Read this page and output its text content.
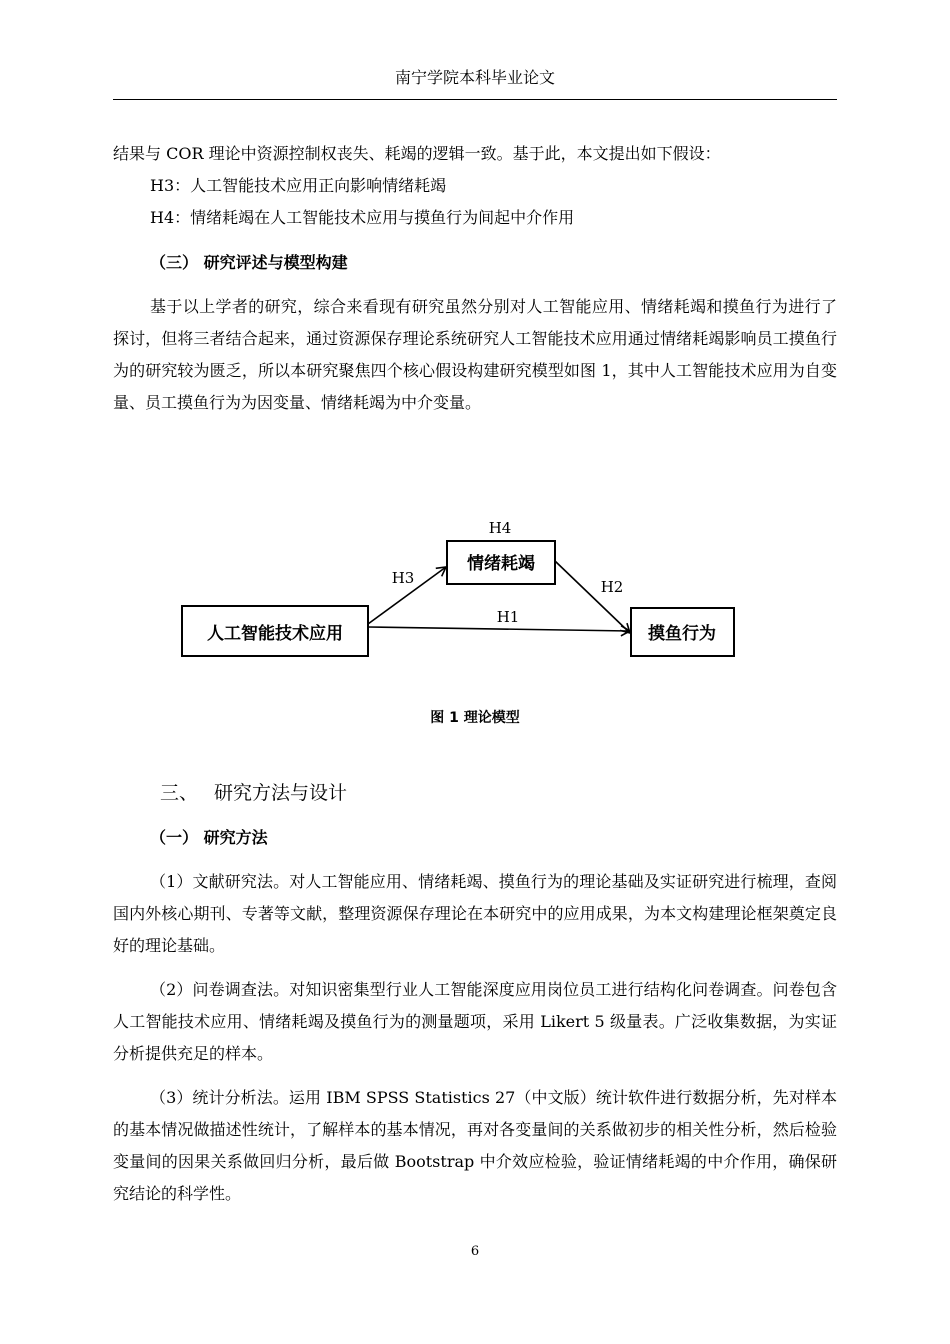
南宁学院本科毕业论文

结果与 COR 理论中资源控制权丧失、耗竭的逻辑一致。基于此，本文提出如下假设：

H3：人工智能技术应用正向影响情绪耗竭

H4：情绪耗竭在人工智能技术应用与摸鱼行为间起中介作用

（三） 研究评述与模型构建

基于以上学者的研究，综合来看现有研究虽然分别对人工智能应用、情绪耗竭和摸鱼行为进行了探讨，但将三者结合起来，通过资源保存理论系统研究人工智能技术应用通过情绪耗竭影响员工摸鱼行为的研究较为匮乏，所以本研究聚焦四个核心假设构建研究模型如图 1，其中人工智能技术应用为自变量、员工摸鱼行为为因变量、情绪耗竭为中介变量。

人工智能技术应用
情绪耗竭
摸鱼行为
H4
H3	H2
H1
图 1 理论模型
三、 研究方法与设计
（一） 研究方法

（1）文献研究法。对人工智能应用、情绪耗竭、摸鱼行为的理论基础及实证研究进行梳理，查阅国内外核心期刊、专著等文献，整理资源保存理论在本研究中的应用成果，为本文构建理论框架奠定良好的理论基础。

（2）问卷调查法。对知识密集型行业人工智能深度应用岗位员工进行结构化问卷调查。问卷包含人工智能技术应用、情绪耗竭及摸鱼行为的测量题项，采用 Likert 5 级量表。广泛收集数据，为实证分析提供充足的样本。

（3）统计分析法。运用 IBM SPSS Statistics 27（中文版）统计软件进行数据分析，先对样本的基本情况做描述性统计，了解样本的基本情况，再对各变量间的关系做初步的相关性分析，然后检验变量间的因果关系做回归分析，最后做 Bootstrap 中介效应检验，验证情绪耗竭的中介作用，确保研究结论的科学性。

6
